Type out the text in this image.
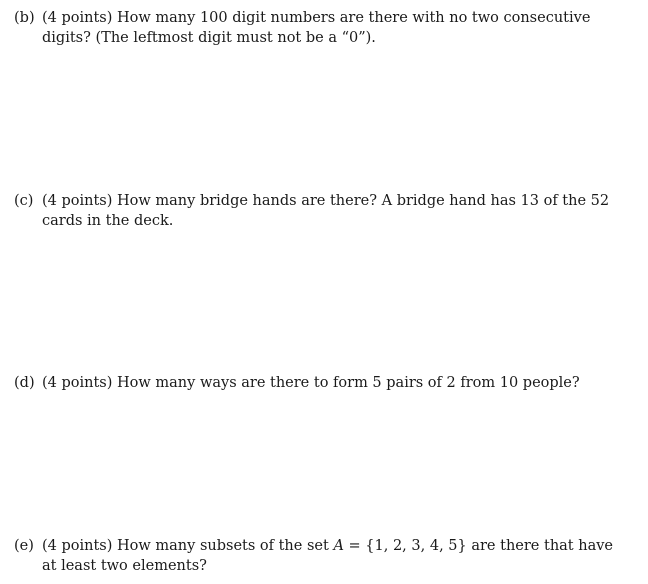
(b) (4 points) How many 100 digit numbers are there with no two consecutive digits? (The leftmost digit must not be a “0”).
(c) (4 points) How many bridge hands are there? A bridge hand has 13 of the 52 cards in the deck.
(d) (4 points) How many ways are there to form 5 pairs of 2 from 10 people?
(e) (4 points) How many subsets of the set A = {1, 2, 3, 4, 5} are there that have at least two elements?
